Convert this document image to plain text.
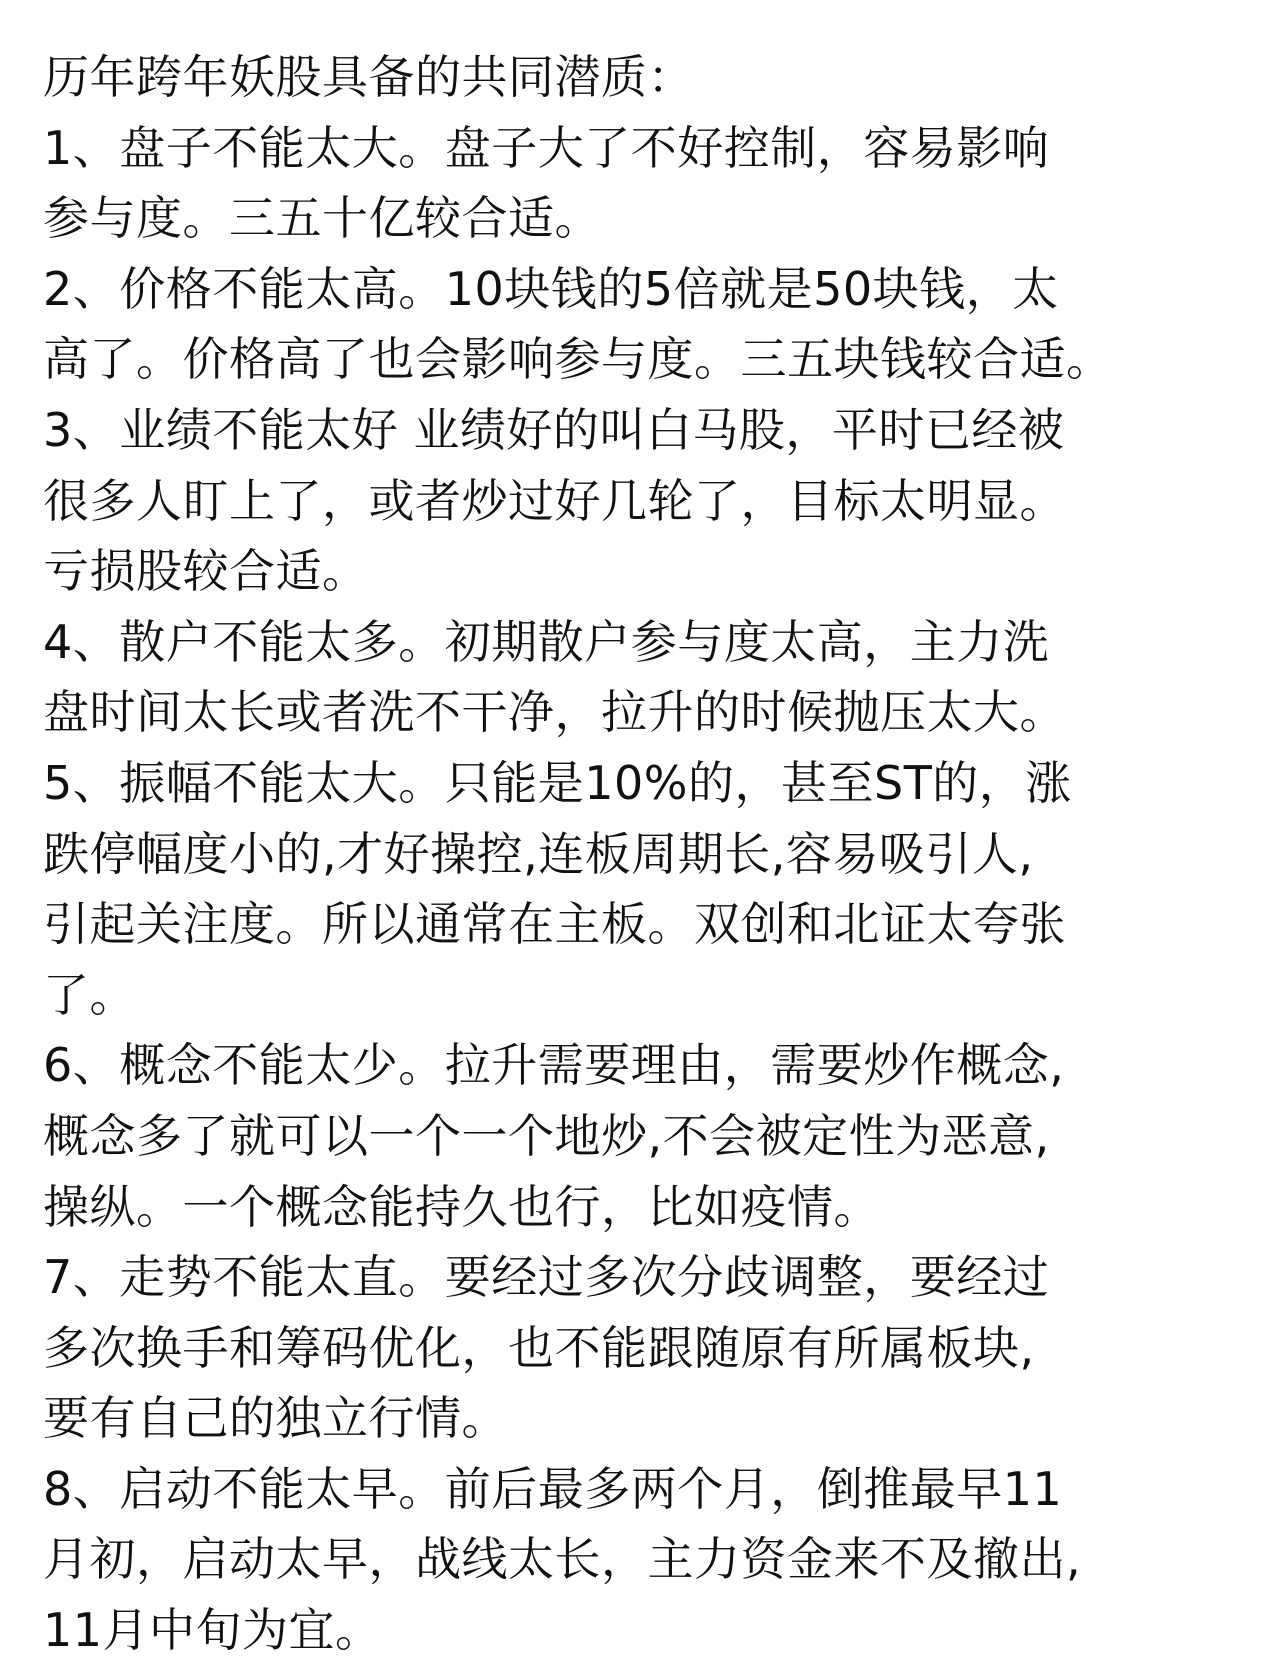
历年跨年妖股具备的共同潜质：
1、盘子不能太大。盘子大了不好控制，容易影响
参与度。三五十亿较合适。
2、价格不能太高。10块钱的5倍就是50块钱，太
高了。价格高了也会影响参与度。三五块钱较合适。
3、业绩不能太好 业绩好的叫白马股，平时已经被
很多人盯上了，或者炒过好几轮了，目标太明显。
亏损股较合适。
4、散户不能太多。初期散户参与度太高，主力洗
盘时间太长或者洗不干净，拉升的时候抛压太大。
5、振幅不能太大。只能是10%的，甚至ST的，涨
跌停幅度小的,才好操控,连板周期长,容易吸引人,
引起关注度。所以通常在主板。双创和北证太夸张
了。
6、概念不能太少。拉升需要理由，需要炒作概念,
概念多了就可以一个一个地炒,不会被定性为恶意,
操纵。一个概念能持久也行，比如疫情。
7、走势不能太直。要经过多次分歧调整，要经过
多次换手和筹码优化，也不能跟随原有所属板块,
要有自己的独立行情。
8、启动不能太早。前后最多两个月，倒推最早11
月初，启动太早，战线太长，主力资金来不及撤出,
11月中旬为宜。
